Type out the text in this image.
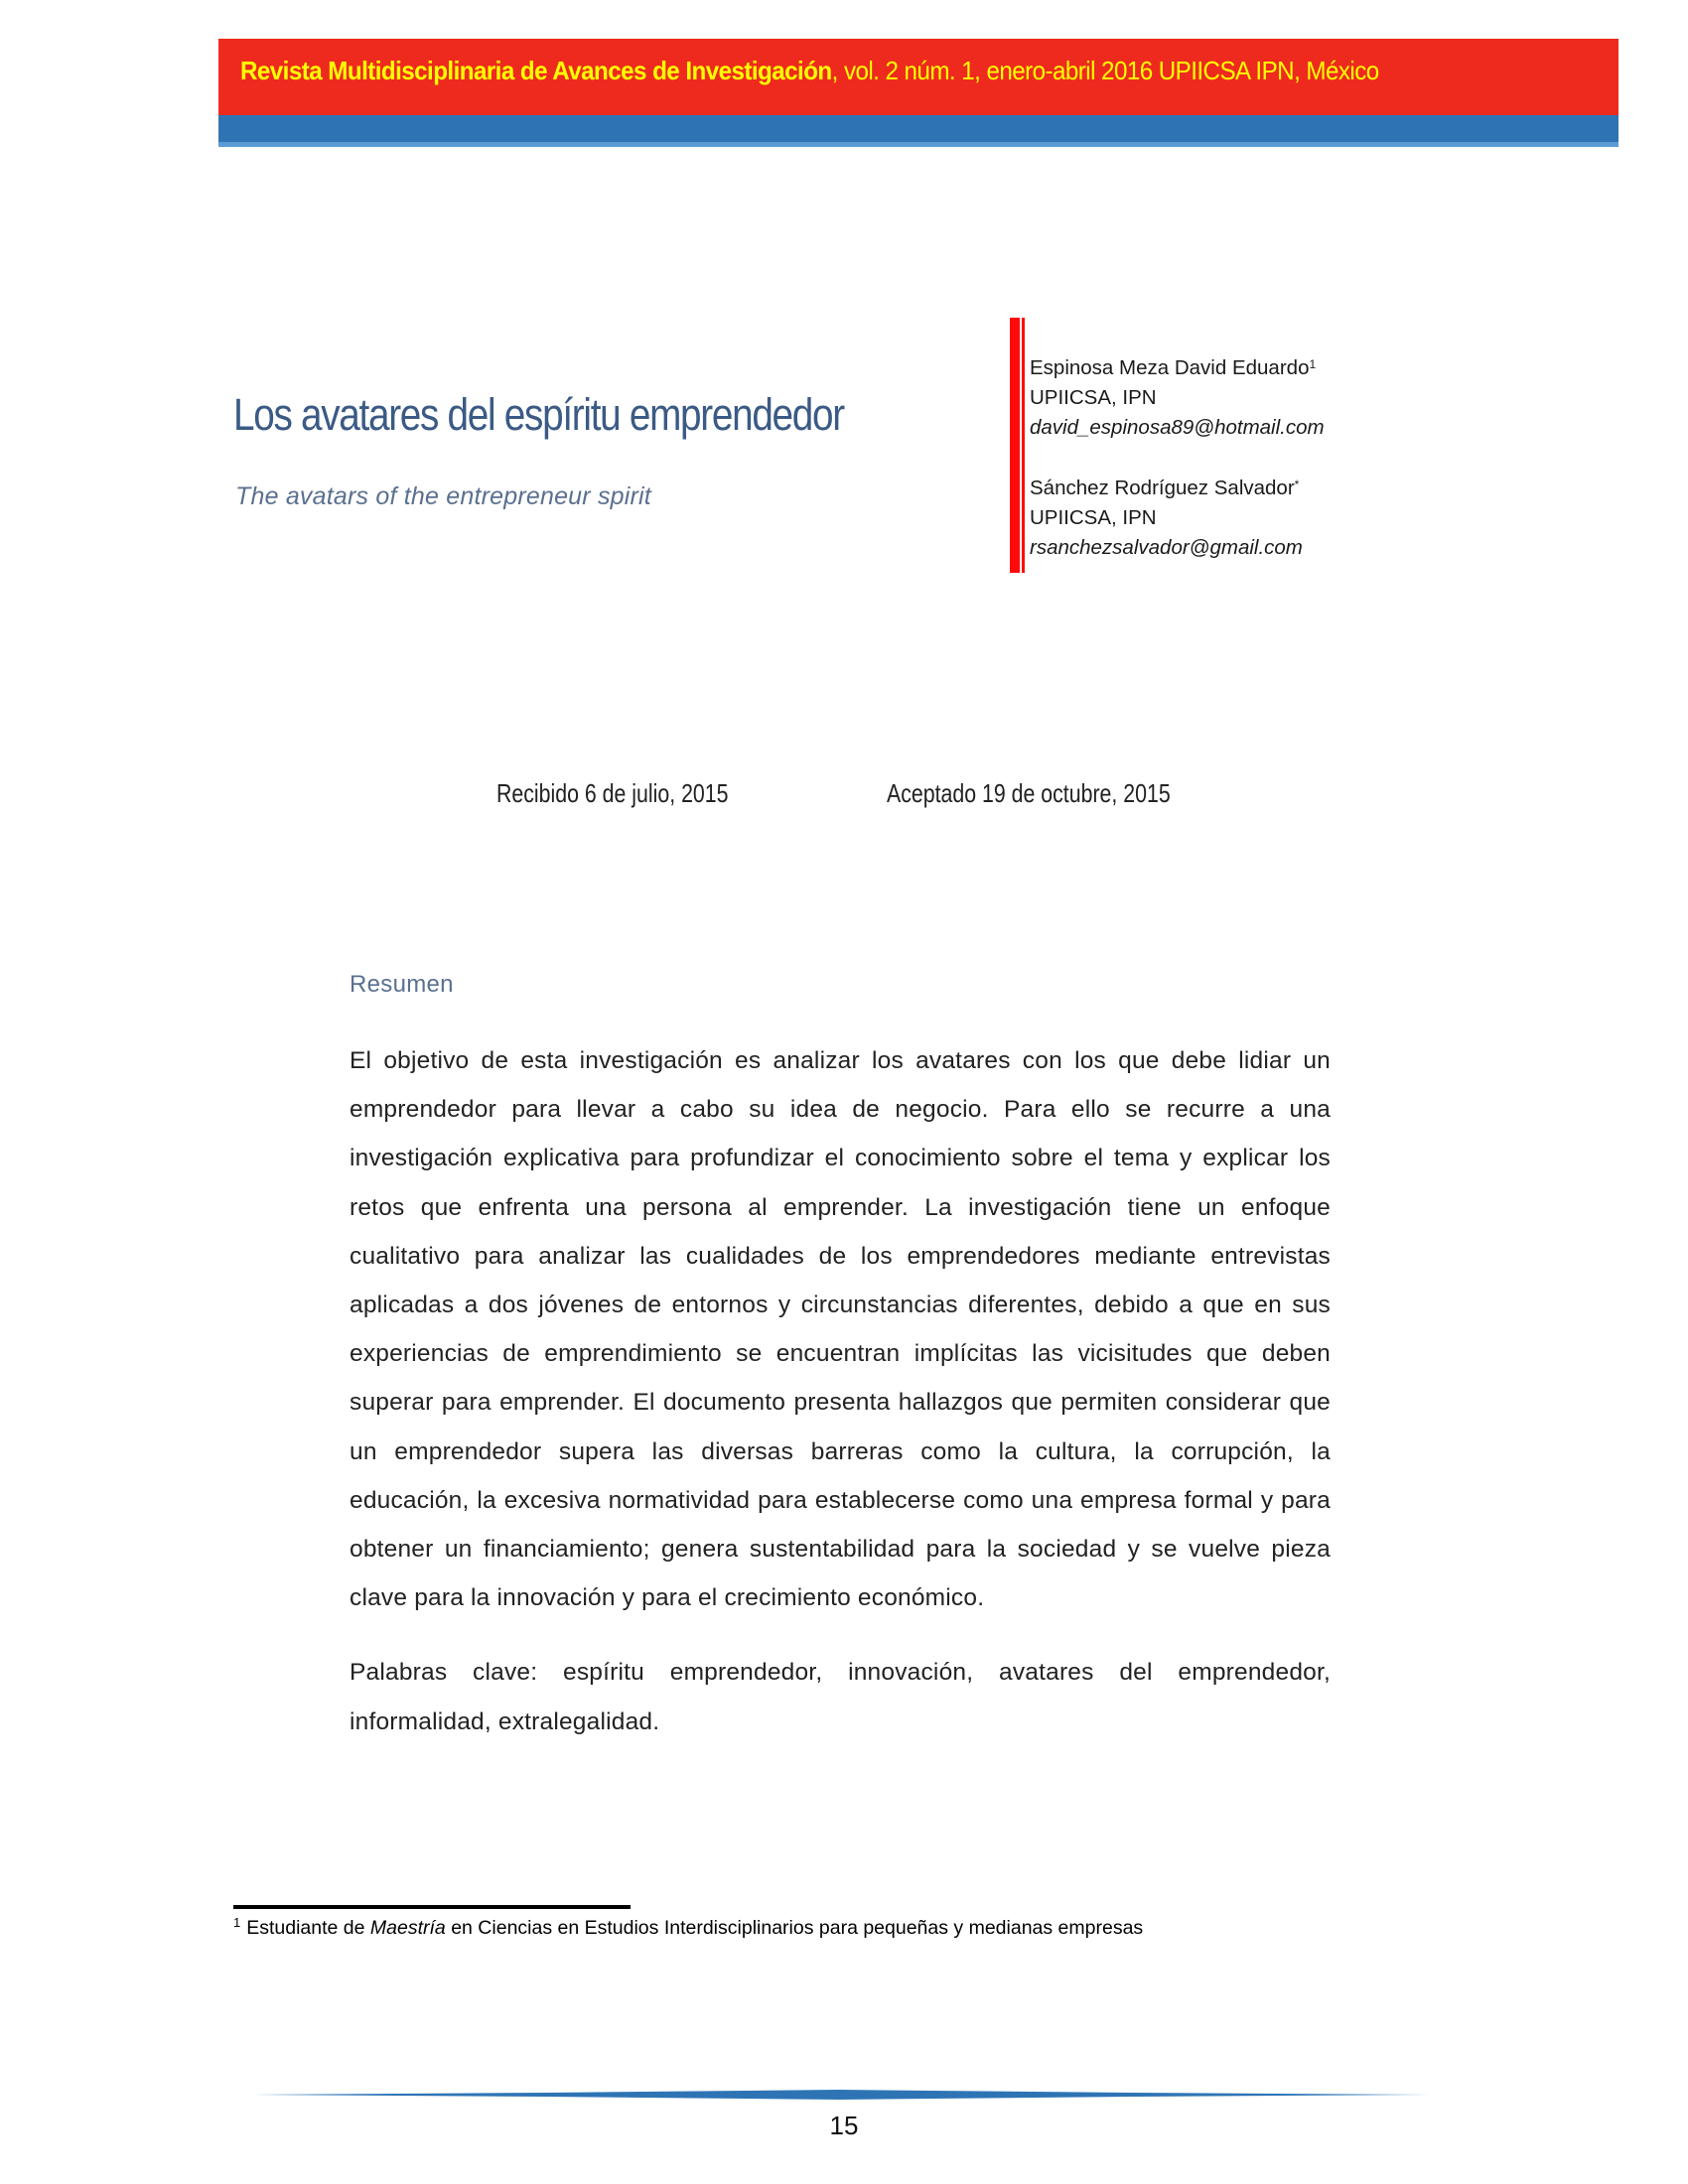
Revista Multidisciplinaria de Avances de Investigación, vol. 2 núm. 1, enero-abril 2016 UPIICSA IPN, México
Los avatares del espíritu emprendedor
The avatars of the entrepreneur spirit
Espinosa Meza David Eduardo$^1$
UPIICSA, IPN
david_espinosa89@hotmail.com
Sánchez Rodríguez Salvador*
UPIICSA, IPN
rsanchezsalvador@gmail.com
Recibido 6 de julio, 2015	Aceptado 19 de octubre, 2015
Resumen

El objetivo de esta investigación es analizar los avatares con los que debe lidiar un emprendedor para llevar a cabo su idea de negocio. Para ello se recurre a una investigación explicativa para profundizar el conocimiento sobre el tema y explicar los retos que enfrenta una persona al emprender. La investigación tiene un enfoque cualitativo para analizar las cualidades de los emprendedores mediante entrevistas aplicadas a dos jóvenes de entornos y circunstancias diferentes, debido a que en sus experiencias de emprendimiento se encuentran implícitas las vicisitudes que deben superar para emprender. El documento presenta hallazgos que permiten considerar que un emprendedor supera las diversas barreras como la cultura, la corrupción, la educación, la excesiva normatividad para establecerse como una empresa formal y para obtener un financiamiento; genera sustentabilidad para la sociedad y se vuelve pieza clave para la innovación y para el crecimiento económico.

Palabras clave: espíritu emprendedor, innovación, avatares del emprendedor, informalidad, extralegalidad.

$^1$ Estudiante de Maestría en Ciencias en Estudios Interdisciplinarios para pequeñas y medianas empresas
15
